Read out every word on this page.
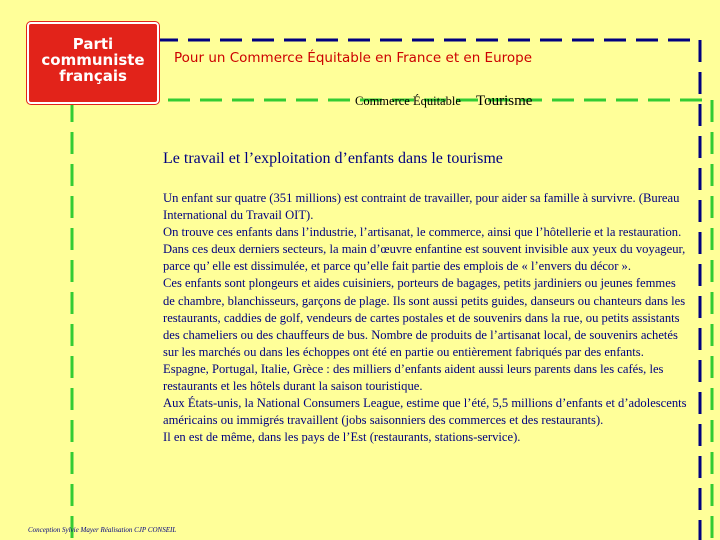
Parti
communiste
français
Pour un Commerce Équitable en France et en Europe
Commerce Équitable Tourisme
Le travail et l’exploitation d’enfants dans le tourisme
Un enfant sur quatre (351 millions) est contraint de travailler, pour aider sa famille à survivre. (Bureau International du Travail OIT).
On trouve ces enfants dans l’industrie, l’artisanat, le commerce, ainsi que l’hôtellerie et la restauration. Dans ces deux derniers secteurs, la main d’œuvre enfantine est souvent invisible aux yeux du voyageur, parce qu’ elle est dissimulée, et parce qu’elle fait partie des emplois de « l’envers du décor ».
Ces enfants sont plongeurs et aides cuisiniers, porteurs de bagages, petits jardiniers ou jeunes femmes de chambre, blanchisseurs, garçons de plage. Ils sont aussi petits guides, danseurs ou chanteurs dans les restaurants, caddies de golf, vendeurs de cartes postales et de souvenirs dans la rue, ou petits assistants des chameliers ou des chauffeurs de bus. Nombre de produits de l’artisanat local, de souvenirs achetés sur les marchés ou dans les échoppes ont été en partie ou entièrement fabriqués par des enfants.
Espagne, Portugal, Italie, Grèce : des milliers d’enfants aident aussi leurs parents dans les cafés, les restaurants et les hôtels durant la saison touristique.
Aux États-unis, la National Consumers League, estime que l’été, 5,5 millions d’enfants et d’adolescents américains ou immigrés travaillent (jobs saisonniers des commerces et des restaurants).
Il en est de même, dans les pays de l’Est (restaurants, stations-service).
Conception Sylvie Mayer Réalisation CJP CONSEIL
